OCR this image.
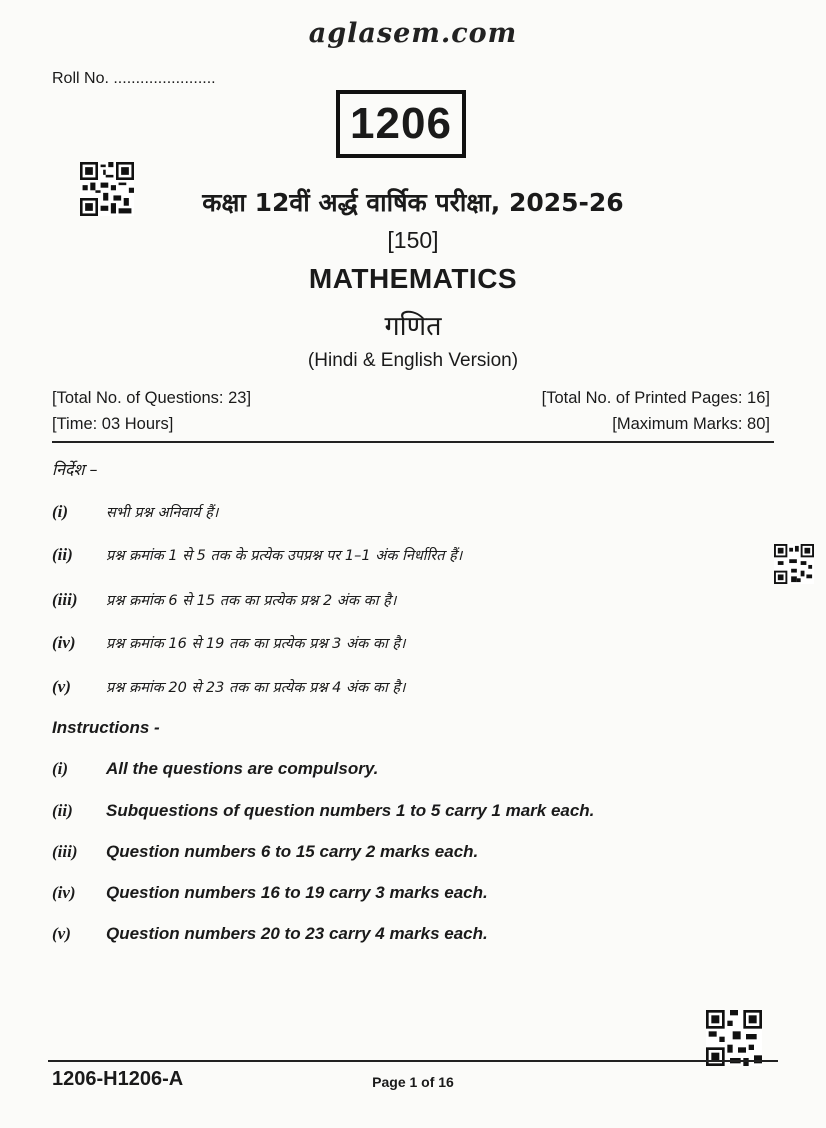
aglasem.com
Roll No. .......................
1206
कक्षा 12वीं अर्द्ध वार्षिक परीक्षा, 2025-26
[150]
MATHEMATICS
गणित
(Hindi & English Version)
[Total No. of Questions: 23]	[Total No. of Printed Pages: 16]
[Time: 03 Hours]	[Maximum Marks: 80]
निर्देश –
(i)	सभी प्रश्न अनिवार्य हैं।
(ii)	प्रश्न क्रमांक 1 से 5 तक के प्रत्येक उपप्रश्न पर 1–1 अंक निर्धारित हैं।
(iii)	प्रश्न क्रमांक 6 से 15 तक का प्रत्येक प्रश्न 2 अंक का है।
(iv)	प्रश्न क्रमांक 16 से 19 तक का प्रत्येक प्रश्न 3 अंक का है।
(v)	प्रश्न क्रमांक 20 से 23 तक का प्रत्येक प्रश्न 4 अंक का है।
Instructions -
(i)	All the questions are compulsory.
(ii)	Subquestions of question numbers 1 to 5 carry 1 mark each.
(iii)	Question numbers 6 to 15 carry 2 marks each.
(iv)	Question numbers 16 to 19 carry 3 marks each.
(v)	Question numbers 20 to 23 carry 4 marks each.
1206-H1206-A	Page 1 of 16
